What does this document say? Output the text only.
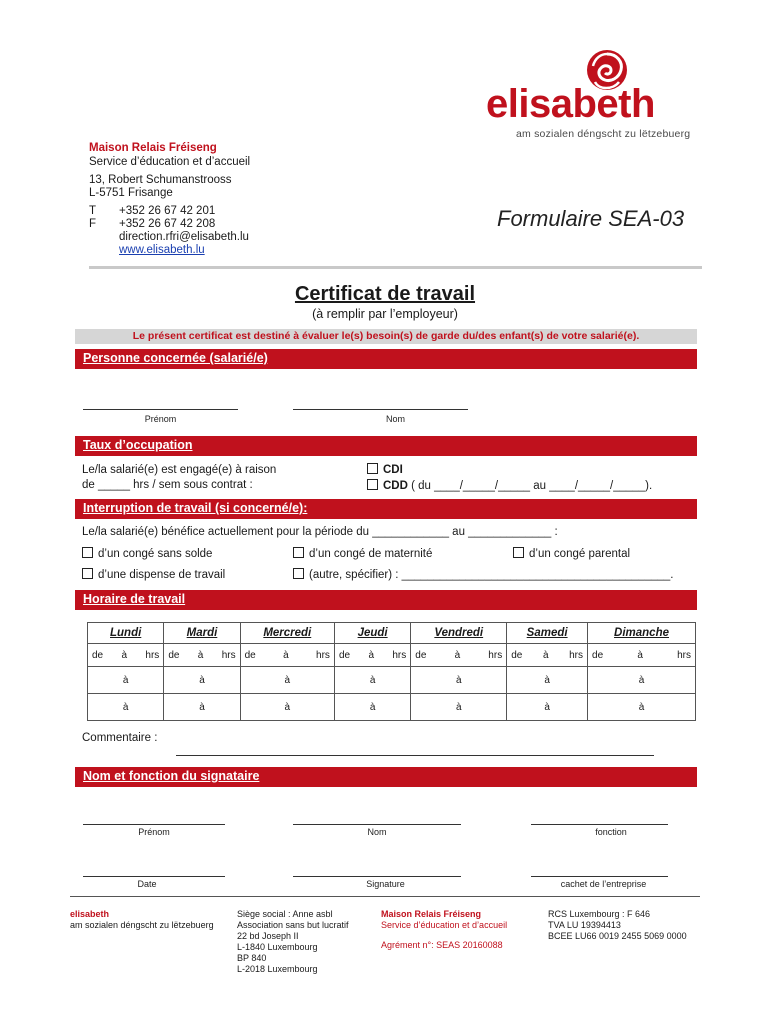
elisabeth
am sozialen déngscht zu lëtzebuerg
Maison Relais Fréiseng
Service d’éducation et d’accueil
13, Robert Schumanstrooss
L-5751 Frisange
T +352 26 67 42 201
F +352 26 67 42 208
direction.rfri@elisabeth.lu
www.elisabeth.lu
Formulaire SEA-03
Certificat de travail
(à remplir par l’employeur)
Le présent certificat est destiné à évaluer le(s) besoin(s) de garde du/des enfant(s) de votre salarié(e).
Personne concernée (salarié/e)
Prénom	Nom
Taux d’occupation
Le/la salarié(e) est engagé(e) à raison
de _____ hrs / sem sous contrat :
CDI
CDD ( du ____/_____/_____ au ____/_____/_____).
Interruption de travail (si concerné/e):
Le/la salarié(e) bénéfice actuellement pour la période du ____________ au _____________ :
d’un congé sans solde	d’un congé de maternité	d’un congé parental
d’une dispense de travail	(autre, spécifier) : __________________________________________.
Horaire de travail
Lundi	Mardi	Mercredi	Jeudi	Vendredi	Samedi	Dimanche

de à hrs	de à hrs	de à hrs	de à hrs	de à hrs	de à hrs	de à hrs

à	à	à	à	à	à	à
à	à	à	à	à	à	à
Commentaire :
Nom et fonction du signataire
Prénom	Nom	fonction
Date	Signature	cachet de l’entreprise
elisabeth
am sozialen déngscht zu lëtzebuerg
Siège social : Anne asbl
Association sans but lucratif
22 bd Joseph II
L-1840 Luxembourg
BP 840
L-2018 Luxembourg
Maison Relais Fréiseng
Service d’éducation et d’accueil
Agrément n°: SEAS 20160088
RCS Luxembourg : F 646
TVA LU 19394413
BCEE LU66 0019 2455 5069 0000
